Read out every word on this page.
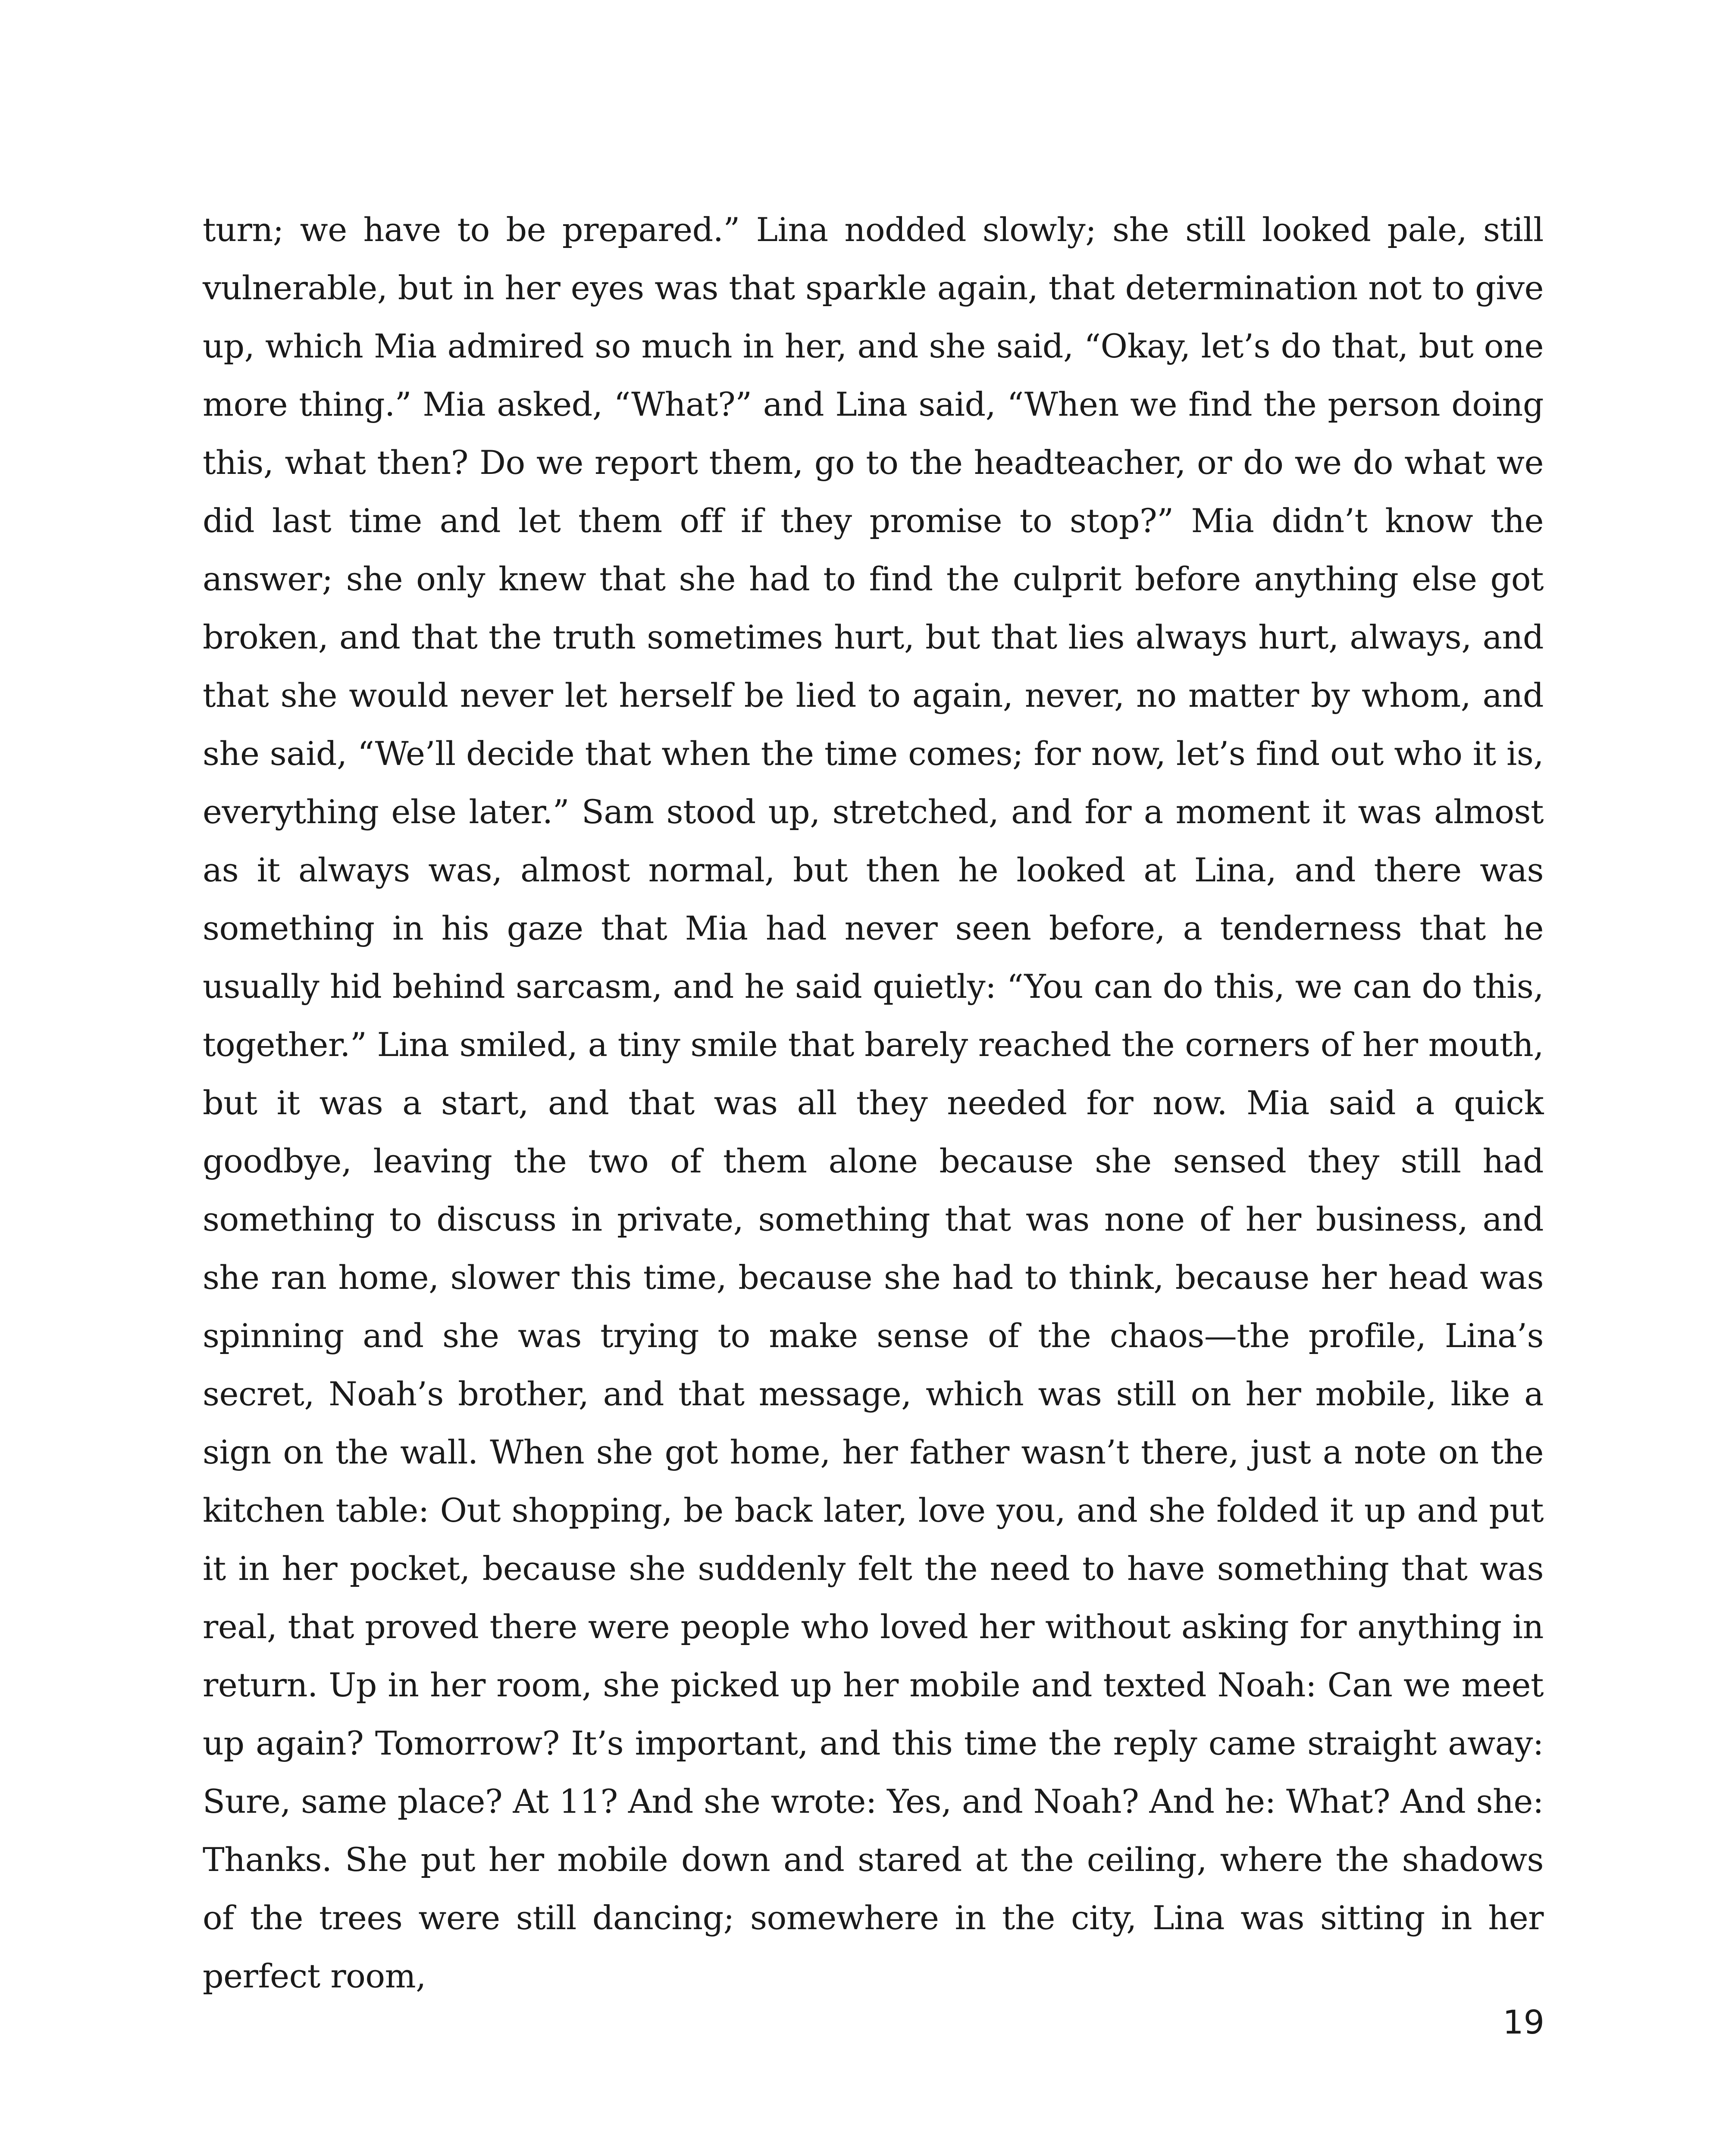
turn; we have to be prepared.” Lina nodded slowly; she still looked pale, still vulnerable, but in her eyes was that sparkle again, that determination not to give up, which Mia admired so much in her, and she said, “Okay, let’s do that, but one more thing.” Mia asked, “What?” and Lina said, “When we find the person doing this, what then? Do we report them, go to the headteacher, or do we do what we did last time and let them off if they promise to stop?” Mia didn’t know the answer; she only knew that she had to find the culprit before anything else got broken, and that the truth sometimes hurt, but that lies always hurt, always, and that she would never let herself be lied to again, never, no matter by whom, and she said, “We’ll decide that when the time comes; for now, let’s find out who it is, everything else later.” Sam stood up, stretched, and for a moment it was almost as it always was, almost normal, but then he looked at Lina, and there was something in his gaze that Mia had never seen before, a tenderness that he usually hid behind sarcasm, and he said quietly: “You can do this, we can do this, together.” Lina smiled, a tiny smile that barely reached the corners of her mouth, but it was a start, and that was all they needed for now. Mia said a quick goodbye, leaving the two of them alone because she sensed they still had something to discuss in private, something that was none of her business, and she ran home, slower this time, because she had to think, because her head was spinning and she was trying to make sense of the chaos—the profile, Lina’s secret, Noah’s brother, and that message, which was still on her mobile, like a sign on the wall. When she got home, her father wasn’t there, just a note on the kitchen table: Out shopping, be back later, love you, and she folded it up and put it in her pocket, because she suddenly felt the need to have something that was real, that proved there were people who loved her without asking for anything in return. Up in her room, she picked up her mobile and texted Noah: Can we meet up again? Tomorrow? It’s important, and this time the reply came straight away: Sure, same place? At 11? And she wrote: Yes, and Noah? And he: What? And she: Thanks. She put her mobile down and stared at the ceiling, where the shadows of the trees were still dancing; somewhere in the city, Lina was sitting in her perfect room,

19
